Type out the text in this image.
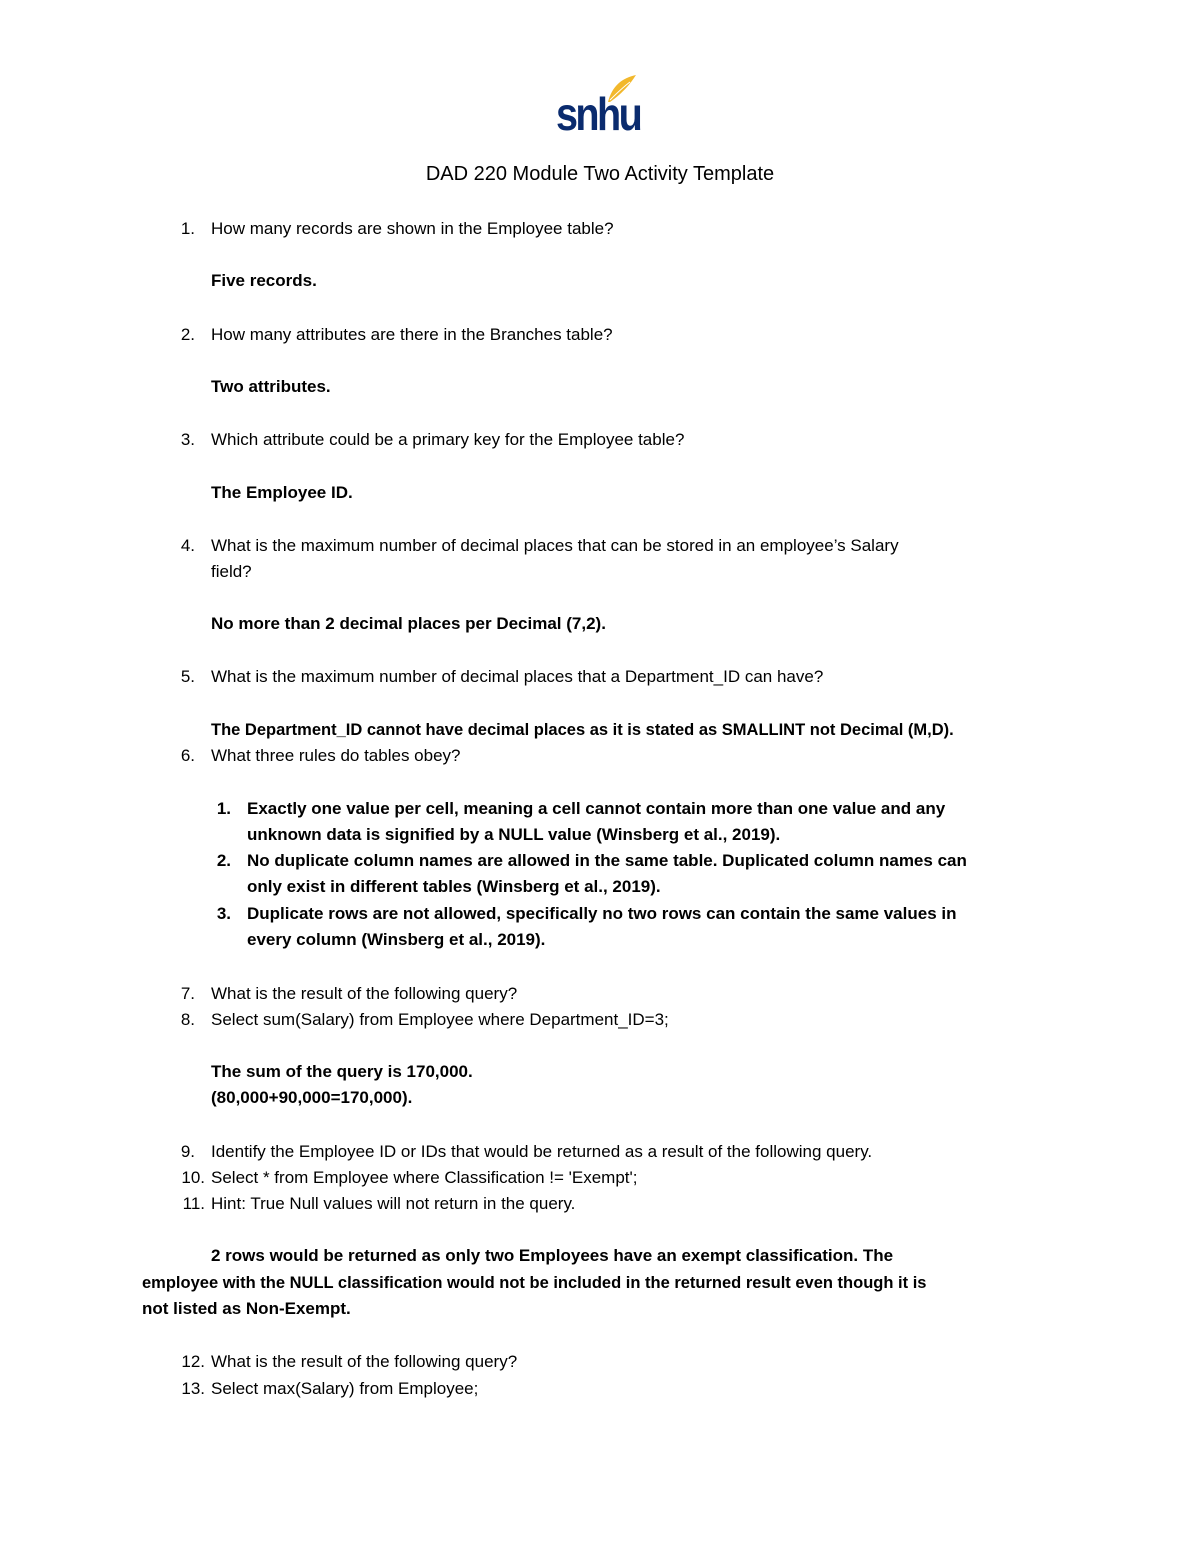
snhu
DAD 220 Module Two Activity Template
1. How many records are shown in the Employee table?
Five records.
2. How many attributes are there in the Branches table?
Two attributes.
3. Which attribute could be a primary key for the Employee table?
The Employee ID.
4. What is the maximum number of decimal places that can be stored in an employee’s Salary
field?
No more than 2 decimal places per Decimal (7,2).
5. What is the maximum number of decimal places that a Department_ID can have?
The Department_ID cannot have decimal places as it is stated as SMALLINT not Decimal (M,D).
6. What three rules do tables obey?
1. Exactly one value per cell, meaning a cell cannot contain more than one value and any
unknown data is signified by a NULL value (Winsberg et al., 2019).
2. No duplicate column names are allowed in the same table. Duplicated column names can
only exist in different tables (Winsberg et al., 2019).
3. Duplicate rows are not allowed, specifically no two rows can contain the same values in
every column (Winsberg et al., 2019).
7. What is the result of the following query?
8. Select sum(Salary) from Employee where Department_ID=3;
The sum of the query is 170,000.
(80,000+90,000=170,000).
9. Identify the Employee ID or IDs that would be returned as a result of the following query.
10. Select * from Employee where Classification != 'Exempt';
11. Hint: True Null values will not return in the query.
2 rows would be returned as only two Employees have an exempt classification. The
employee with the NULL classification would not be included in the returned result even though it is
not listed as Non-Exempt.
12. What is the result of the following query?
13. Select max(Salary) from Employee;
